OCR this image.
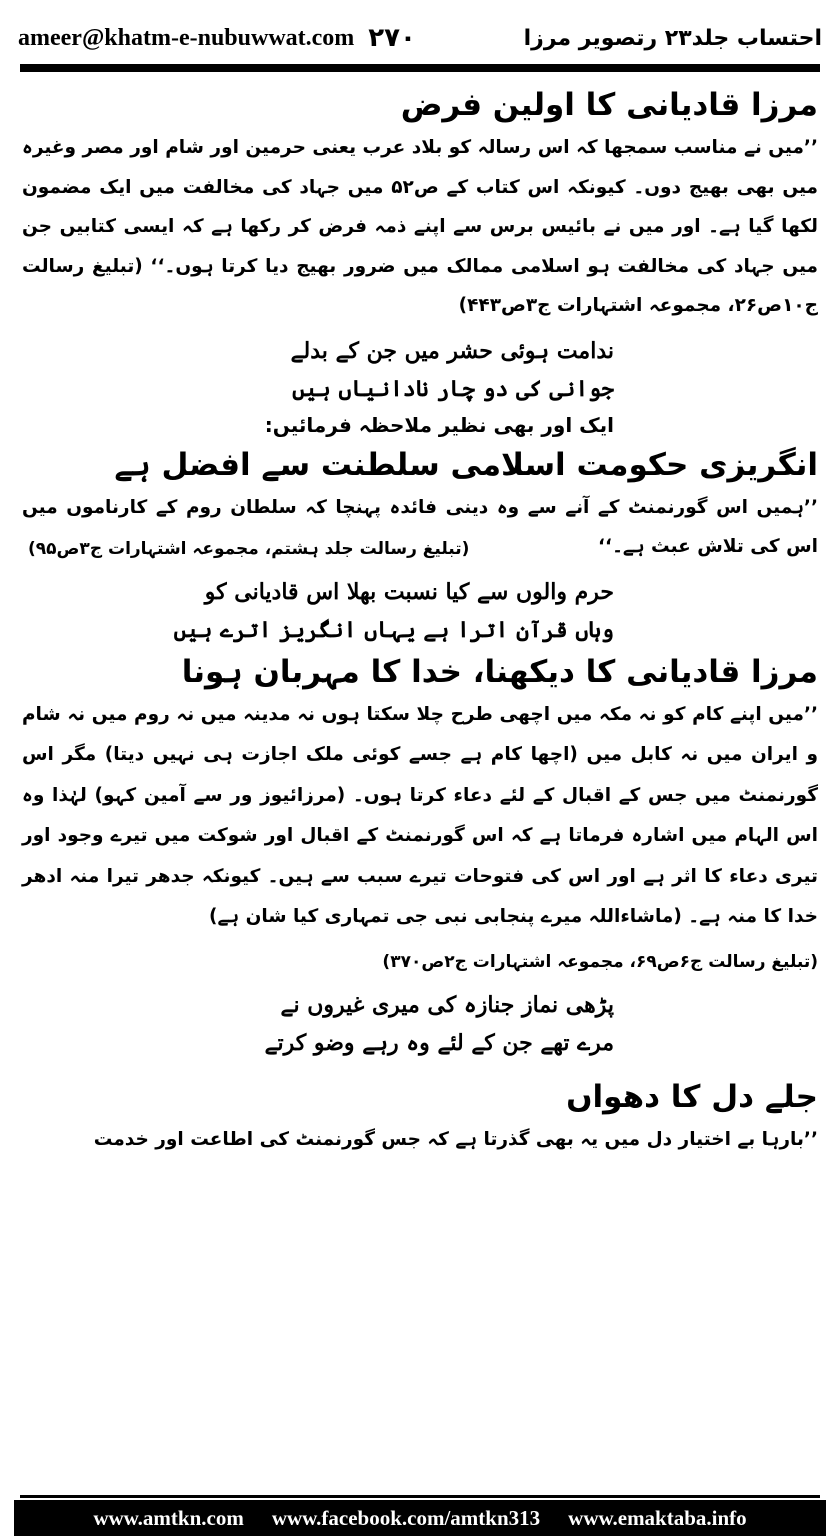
ameer@khatm-e-nubuwwat.com ۲۷۰	احتساب جلد۲۳ رتصویر مرزا
مرزا قادیانی کا اولین فرض

’’میں نے مناسب سمجھا کہ اس رسالہ کو بلاد عرب یعنی حرمین اور شام اور مصر وغیرہ میں بھی بھیج دوں۔ کیونکہ اس کتاب کے ص۵۲ میں جہاد کی مخالفت میں ایک مضمون لکھا گیا ہے۔ اور میں نے بائیس برس سے اپنے ذمہ فرض کر رکھا ہے کہ ایسی کتابیں جن میں جہاد کی مخالفت ہو اسلامی ممالک میں ضرور بھیج دیا کرتا ہوں۔‘‘ (تبلیغ رسالت ج۱۰ص۲۶، مجموعہ اشتہارات ج۳ص۴۴۳)

ندامت ہوئی حشر میں جن کے بدلے

جوانی کی دو چار نادانیاں ہیں

ایک اور بھی نظیر ملاحظہ فرمائیں:

انگریزی حکومت اسلامی سلطنت سے افضل ہے

’’ہمیں اس گورنمنٹ کے آنے سے وہ دینی فائدہ پہنچا کہ سلطان روم کے کارناموں میں اس کی تلاش عبث ہے۔‘‘

(تبلیغ رسالت جلد ہشتم، مجموعہ اشتہارات ج۳ص۹۵)

حرم والوں سے کیا نسبت بھلا اس قادیانی کو

وہاں قرآن اترا ہے یہاں انگریز اترے ہیں

مرزا قادیانی کا دیکھنا، خدا کا مہربان ہونا

’’میں اپنے کام کو نہ مکہ میں اچھی طرح چلا سکتا ہوں نہ مدینہ میں نہ روم میں نہ شام و ایران میں نہ کابل میں (اچھا کام ہے جسے کوئی ملک اجازت ہی نہیں دیتا) مگر اس گورنمنٹ میں جس کے اقبال کے لئے دعاء کرتا ہوں۔ (مرزائیوز ور سے آمین کہو) لہٰذا وہ اس الہام میں اشارہ فرماتا ہے کہ اس گورنمنٹ کے اقبال اور شوکت میں تیرے وجود اور تیری دعاء کا اثر ہے اور اس کی فتوحات تیرے سبب سے ہیں۔ کیونکہ جدھر تیرا منہ ادھر خدا کا منہ ہے۔ (ماشاءاللہ میرے پنجابی نبی جی تمہاری کیا شان ہے)

(تبلیغ رسالت ج۶ص۶۹، مجموعہ اشتہارات ج۲ص۳۷۰)

پڑھی نماز جنازہ کی میری غیروں نے

مرے تھے جن کے لئے وہ رہے وضو کرتے

جلے دل کا دھواں

’’بارہا بے اختیار دل میں یہ بھی گذرتا ہے کہ جس گورنمنٹ کی اطاعت اور خدمت

www.amtkn.com www.facebook.com/amtkn313 www.emaktaba.info
